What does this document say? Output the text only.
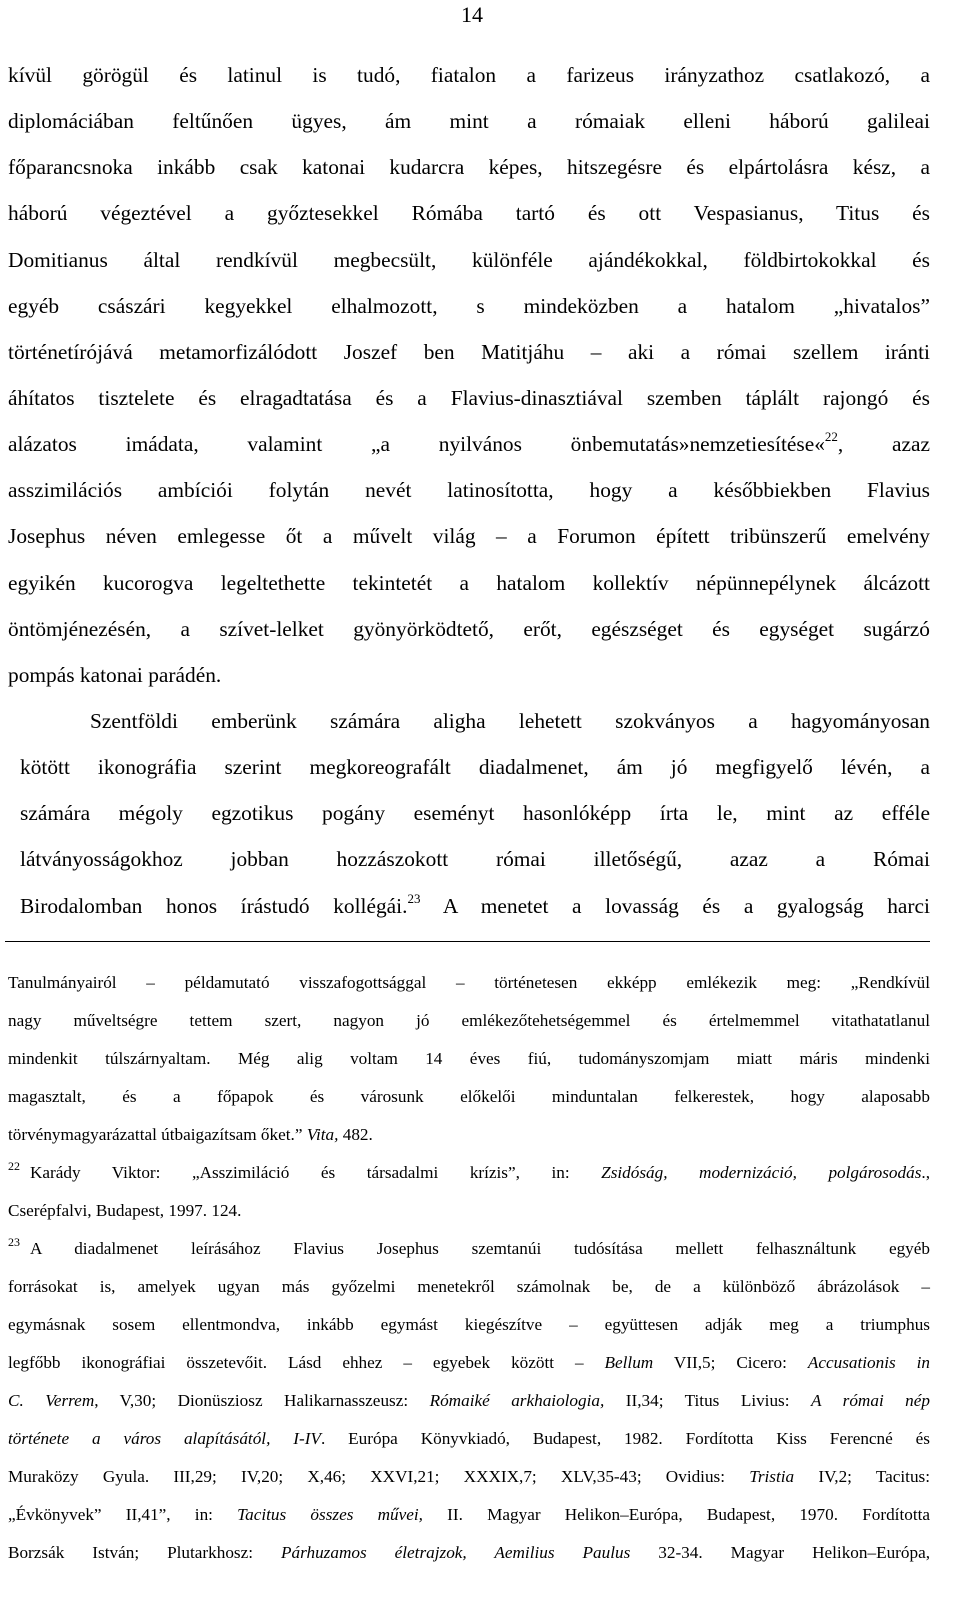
14
kívül görögül és latinul is tudó, fiatalon a farizeus irányzathoz csatlakozó, a
diplomáciában feltűnően ügyes, ám mint a rómaiak elleni háború galileai
főparancsnoka inkább csak katonai kudarcra képes, hitszegésre és elpártolásra kész, a
háború végeztével a győztesekkel Rómába tartó és ott Vespasianus, Titus és
Domitianus által rendkívül megbecsült, különféle ajándékokkal, földbirtokokkal és
egyéb császári kegyekkel elhalmozott, s mindeközben a hatalom „hivatalos”
történetírójává metamorfizálódott Joszef ben Matitjáhu – aki a római szellem iránti
áhítatos tisztelete és elragadtatása és a Flavius-dinasztiával szemben táplált rajongó és
alázatos imádata, valamint „a nyilvános önbemutatás»nemzetiesítése«$^{22}$, azaz
asszimilációs ambíciói folytán nevét latinosította, hogy a későbbiekben Flavius
Josephus néven emlegesse őt a művelt világ – a Forumon épített tribünszerű emelvény
egyikén kucorogva legeltethette tekintetét a hatalom kollektív népünnepélynek álcázott
öntömjénezésén, a szívet-lelket gyönyörködtető, erőt, egészséget és egységet sugárzó
pompás katonai parádén.
Szentföldi emberünk számára aligha lehetett szokványos a hagyományosan
kötött ikonográfia szerint megkoreografált diadalmenet, ám jó megfigyelő lévén, a
számára mégoly egzotikus pogány eseményt hasonlóképp írta le, mint az efféle
látványosságokhoz jobban hozzászokott római illetőségű, azaz a Római
Birodalomban honos írástudó kollégái.$^{23}$ A menetet a lovasság és a gyalogság harci
Tanulmányairól – példamutató visszafogottsággal – történetesen ekképp emlékezik meg: „Rendkívül
nagy műveltségre tettem szert, nagyon jó emlékezőtehetségemmel és értelmemmel vitathatatlanul
mindenkit túlszárnyaltam. Még alig voltam 14 éves fiú, tudományszomjam miatt máris mindenki
magasztalt, és a főpapok és városunk előkelői minduntalan felkerestek, hogy alaposabb
törvénymagyarázattal útbaigazítsam őket.” Vita, 482.
$^{22}$ Karády Viktor: „Asszimiláció és társadalmi krízis”, in: Zsidóság, modernizáció, polgárosodás.,
Cserépfalvi, Budapest, 1997. 124.
$^{23}$ A diadalmenet leírásához Flavius Josephus szemtanúi tudósítása mellett felhasználtunk egyéb
forrásokat is, amelyek ugyan más győzelmi menetekről számolnak be, de a különböző ábrázolások –
egymásnak sosem ellentmondva, inkább egymást kiegészítve – együttesen adják meg a triumphus
legfőbb ikonográfiai összetevőit. Lásd ehhez – egyebek között – Bellum VII,5; Cicero: Accusationis in
C. Verrem, V,30; Dionüsziosz Halikarnasszeusz: Rómaiké arkhaiologia, II,34; Titus Livius: A római nép
története a város alapításától, I-IV. Európa Könyvkiadó, Budapest, 1982. Fordította Kiss Ferencné és
Muraközy Gyula. III,29; IV,20; X,46; XXVI,21; XXXIX,7; XLV,35-43; Ovidius: Tristia IV,2; Tacitus:
„Évkönyvek” II,41”, in: Tacitus összes művei, II. Magyar Helikon–Európa, Budapest, 1970. Fordította
Borzsák István; Plutarkhosz: Párhuzamos életrajzok, Aemilius Paulus 32-34. Magyar Helikon–Európa,
